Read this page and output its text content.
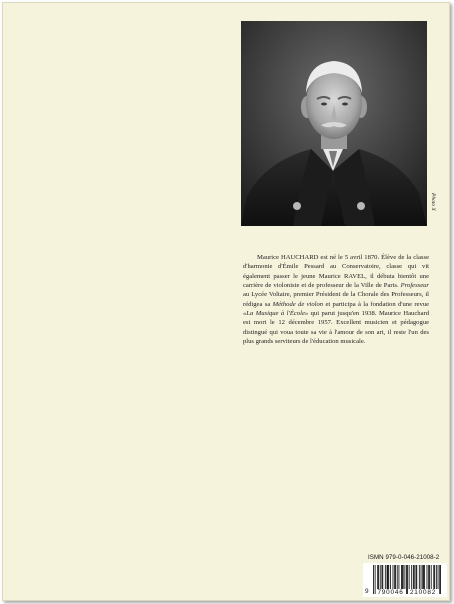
Photo X

Maurice HAUCHARD est né le 5 avril 1870. Élève de la classe d'harmonie d'Émile Pessard au Conservatoire, classe qui vit également passer le jeune Maurice RAVEL, il débuta bientôt une carrière de violoniste et de professeur de la Ville de Paris. Professeur au Lycée Voltaire, premier Président de la Chorale des Professeurs, il rédigea sa Méthode de violon et participa à la fondation d'une revue «La Musique à l'École» qui parut jusqu'en 1938. Maurice Hauchard est mort le 12 décembre 1957. Excellent musicien et pédagogue distingué qui voua toute sa vie à l'amour de son art, il reste l'un des plus grands serviteurs de l'éducation musicale.

ISMN 979-0-046-21008-2
9 790046 210082
